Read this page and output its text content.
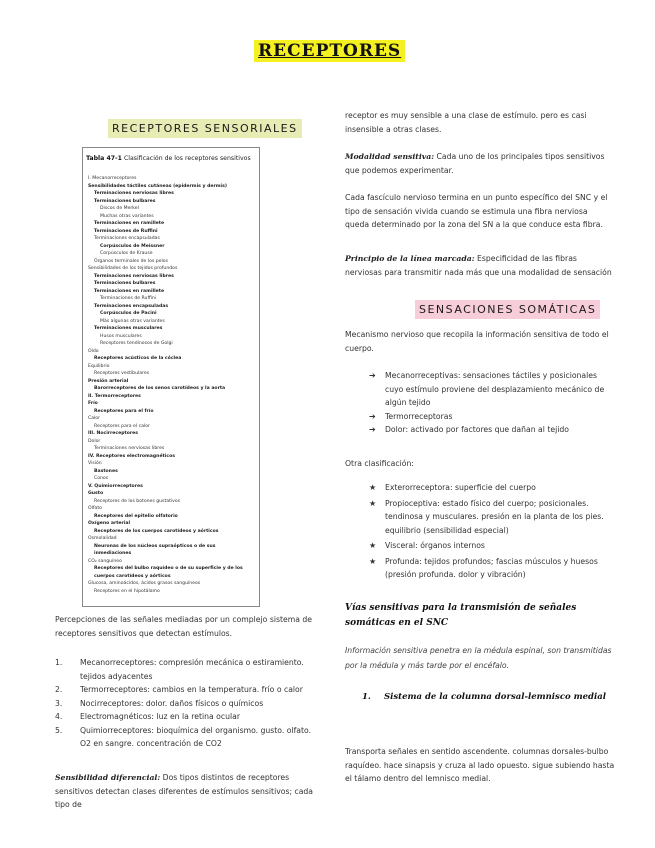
RECEPTORES
RECEPTORES SENSORIALES
Tabla 47-1 Clasificación de los receptores sensitivos
I. Mecanorreceptores
Sensibilidades táctiles cutáneas (epidermis y dermis)
Terminaciones nerviosas libres
Terminaciones bulbares
Discos de Merkel
Muchas otras variantes
Terminaciones en ramillete
Terminaciones de Ruffini
Terminaciones encapsuladas
Corpúsculos de Meissner
Corpúsculos de Krause
Órganos terminales de los pelos
Sensibilidades de los tejidos profundos
Terminaciones nerviosas libres
Terminaciones bulbares
Terminaciones en ramillete
Terminaciones de Ruffini
Terminaciones encapsuladas
Corpúsculos de Pacini
Más algunas otras variantes
Terminaciones musculares
Husos musculares
Receptores tendinosos de Golgi
Oído
Receptores acústicos de la cóclea
Equilibrio
Receptores vestibulares
Presión arterial
Barorreceptores de los senos carotídeos y la aorta
II. Termorreceptores
Frío
Receptores para el frío
Calor
Receptores para el calor
III. Nocirreceptores
Dolor
Terminaciones nerviosas libres
IV. Receptores electromagnéticos
Visión
Bastones
Conos
V. Quimiorreceptores
Gusto
Receptores de los botones gustativos
Olfato
Receptores del epitelio olfatorio
Oxígeno arterial
Receptores de los cuerpos carotídeos y aórticos
Osmolalidad
Neuronas de los núcleos supraópticos o de sus
inmediaciones
CO₂ sanguíneo
Receptores del bulbo raquídeo o de su superficie y de los
cuerpos carotídeos y aórticos
Glucosa, aminoácidos, ácidos grasos sanguíneos
Receptores en el hipotálamo
Percepciones de las señales mediadas por un complejo sistema de receptores sensitivos que detectan estímulos.
1. Mecanorreceptores: compresión mecánica o estiramiento. tejidos adyacentes
2. Termorreceptores: cambios en la temperatura. frío o calor
3. Nocirreceptores: dolor. daños físicos o químicos
4. Electromagnéticos: luz en la retina ocular
5. Quimiorreceptores: bioquímica del organismo. gusto. olfato. O2 en sangre. concentración de CO2
Sensibilidad diferencial: Dos tipos distintos de receptores sensitivos detectan clases diferentes de estímulos sensitivos; cada tipo de
receptor es muy sensible a una clase de estímulo. pero es casi insensible a otras clases.
Modalidad sensitiva: Cada uno de los principales tipos sensitivos que podemos experimentar.
Cada fascículo nervioso termina en un punto específico del SNC y el tipo de sensación vivida cuando se estimula una fibra nerviosa queda determinado por la zona del SN a la que conduce esta fibra.
Principio de la línea marcada: Especificidad de las fibras nerviosas para transmitir nada más que una modalidad de sensación
SENSACIONES SOMÁTICAS
Mecanismo nervioso que recopila la información sensitiva de todo el cuerpo.
➔ Mecanorreceptivas: sensaciones táctiles y posicionales cuyo estímulo proviene del desplazamiento mecánico de algún tejido
➔ Termorreceptoras
➔ Dolor: activado por factores que dañan al tejido
Otra clasificación:
★ Exterorreceptora: superficie del cuerpo
★ Propioceptiva: estado físico del cuerpo; posicionales. tendinosa y musculares. presión en la planta de los pies. equilibrio (sensibilidad especial)
★ Visceral: órganos internos
★ Profunda: tejidos profundos; fascias músculos y huesos (presión profunda. dolor y vibración)
Vías sensitivas para la transmisión de señales somáticas en el SNC
Información sensitiva penetra en la médula espinal, son transmitidas por la médula y más tarde por el encéfalo.
1. Sistema de la columna dorsal-lemnisco medial
Transporta señales en sentido ascendente. columnas dorsales-bulbo raquídeo. hace sinapsis y cruza al lado opuesto. sigue subiendo hasta el tálamo dentro del lemnisco medial.
